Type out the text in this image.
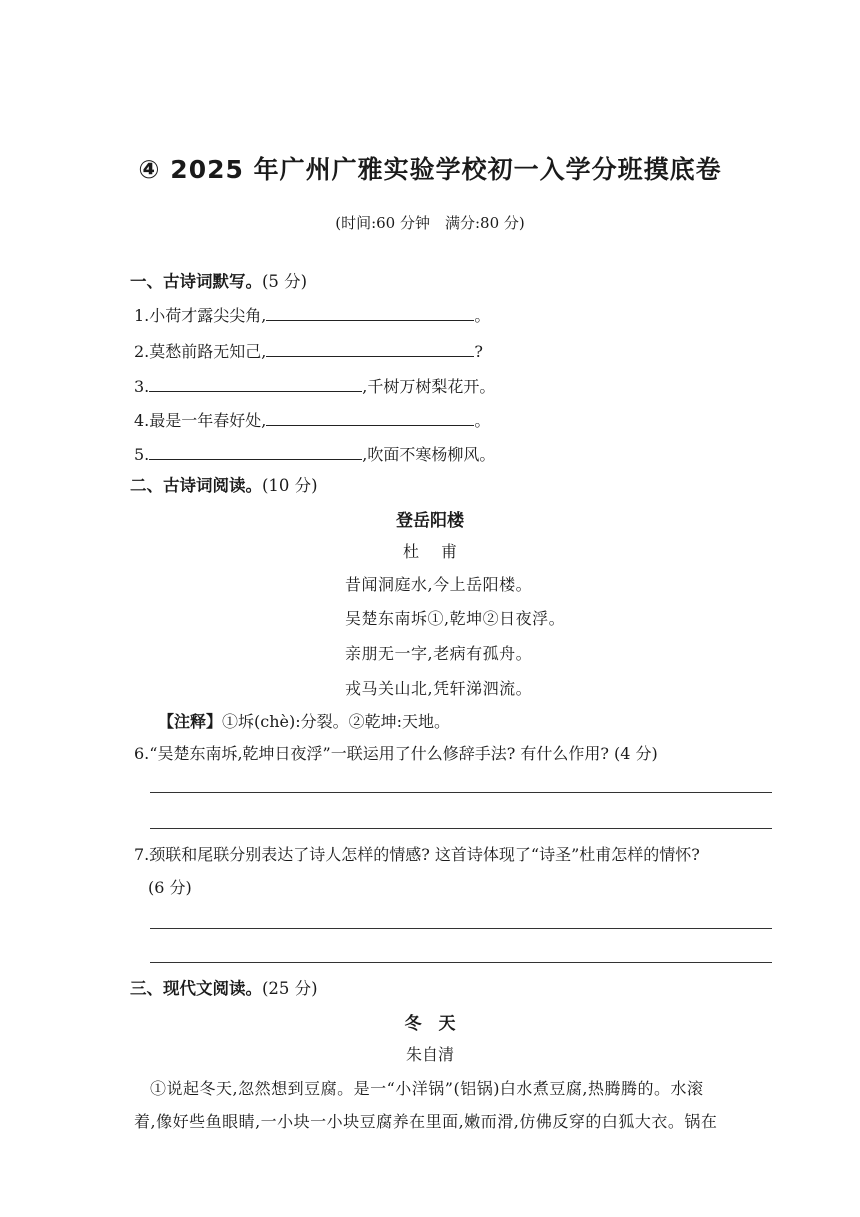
④ 2025 年广州广雅实验学校初一入学分班摸底卷
(时间:60 分钟　满分:80 分)
一、古诗词默写。(5 分)
1.小荷才露尖尖角,	。
2.莫愁前路无知己,	?
3.	,千树万树梨花开。
4.最是一年春好处,	。
5.	,吹面不寒杨柳风。
二、古诗词阅读。(10 分)
登岳阳楼
杜甫
昔闻洞庭水,今上岳阳楼。
吴楚东南坼①,乾坤②日夜浮。
亲朋无一字,老病有孤舟。
戎马关山北,凭轩涕泗流。
【注释】①坼(chè):分裂。②乾坤:天地。
6.“吴楚东南坼,乾坤日夜浮”一联运用了什么修辞手法? 有什么作用? (4 分)
7.颈联和尾联分别表达了诗人怎样的情感? 这首诗体现了“诗圣”杜甫怎样的情怀?
(6 分)
三、现代文阅读。(25 分)
冬　天
朱自清
①说起冬天,忽然想到豆腐。是一“小洋锅”(铝锅)白水煮豆腐,热腾腾的。水滚
着,像好些鱼眼睛,一小块一小块豆腐养在里面,嫩而滑,仿佛反穿的白狐大衣。锅在
